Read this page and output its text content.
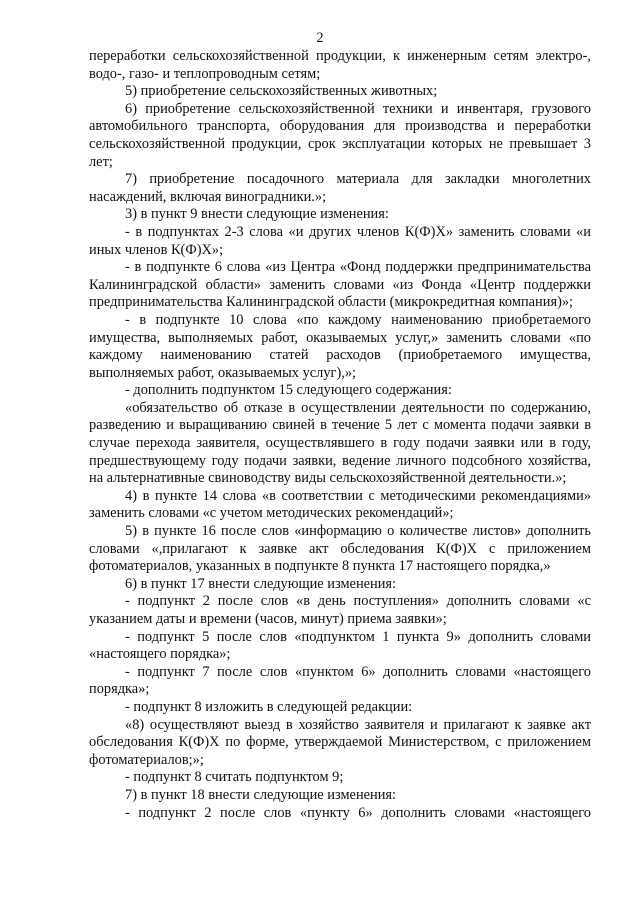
2

переработки сельскохозяйственной продукции, к инженерным сетям электро-, водо-, газо- и теплопроводным сетям;

5) приобретение сельскохозяйственных животных;

6) приобретение сельскохозяйственной техники и инвентаря, грузового автомобильного транспорта, оборудования для производства и переработки сельскохозяйственной продукции, срок эксплуатации которых не превышает 3 лет;

7) приобретение посадочного материала для закладки многолетних насаждений, включая виноградники.»;

3) в пункт 9 внести следующие изменения:

- в подпунктах 2-3 слова «и других членов К(Ф)Х» заменить словами «и иных членов К(Ф)Х»;

- в подпункте 6 слова «из Центра «Фонд поддержки предпринимательства Калининградской области» заменить словами «из Фонда «Центр поддержки предпринимательства Калининградской области (микрокредитная компания)»;

- в подпункте 10 слова «по каждому наименованию приобретаемого имущества, выполняемых работ, оказываемых услуг,» заменить словами «по каждому наименованию статей расходов (приобретаемого имущества, выполняемых работ, оказываемых услуг),»;

- дополнить подпунктом 15 следующего содержания:

«обязательство об отказе в осуществлении деятельности по содержанию, разведению и выращиванию свиней в течение 5 лет с момента подачи заявки в случае перехода заявителя, осуществлявшего в году подачи заявки или в году, предшествующему году подачи заявки, ведение личного подсобного хозяйства, на альтернативные свиноводству виды сельскохозяйственной деятельности.»;

4) в пункте 14 слова «в соответствии с методическими рекомендациями» заменить словами «с учетом методических рекомендаций»;

5) в пункте 16 после слов «информацию о количестве листов» дополнить словами «,прилагают к заявке акт обследования К(Ф)Х с приложением фотоматериалов, указанных в подпункте 8 пункта 17 настоящего порядка,»

6) в пункт 17 внести следующие изменения:

- подпункт 2 после слов «в день поступления» дополнить словами «с указанием даты и времени (часов, минут) приема заявки»;

- подпункт 5 после слов «подпунктом 1 пункта 9» дополнить словами «настоящего порядка»;

- подпункт 7 после слов «пунктом 6» дополнить словами «настоящего порядка»;

- подпункт 8 изложить в следующей редакции:

«8) осуществляют выезд в хозяйство заявителя и прилагают к заявке акт обследования К(Ф)Х по форме, утверждаемой Министерством, с приложением фотоматериалов;»;

- подпункт 8 считать подпунктом 9;

7) в пункт 18 внести следующие изменения:

- подпункт 2 после слов «пункту 6» дополнить словами «настоящего
